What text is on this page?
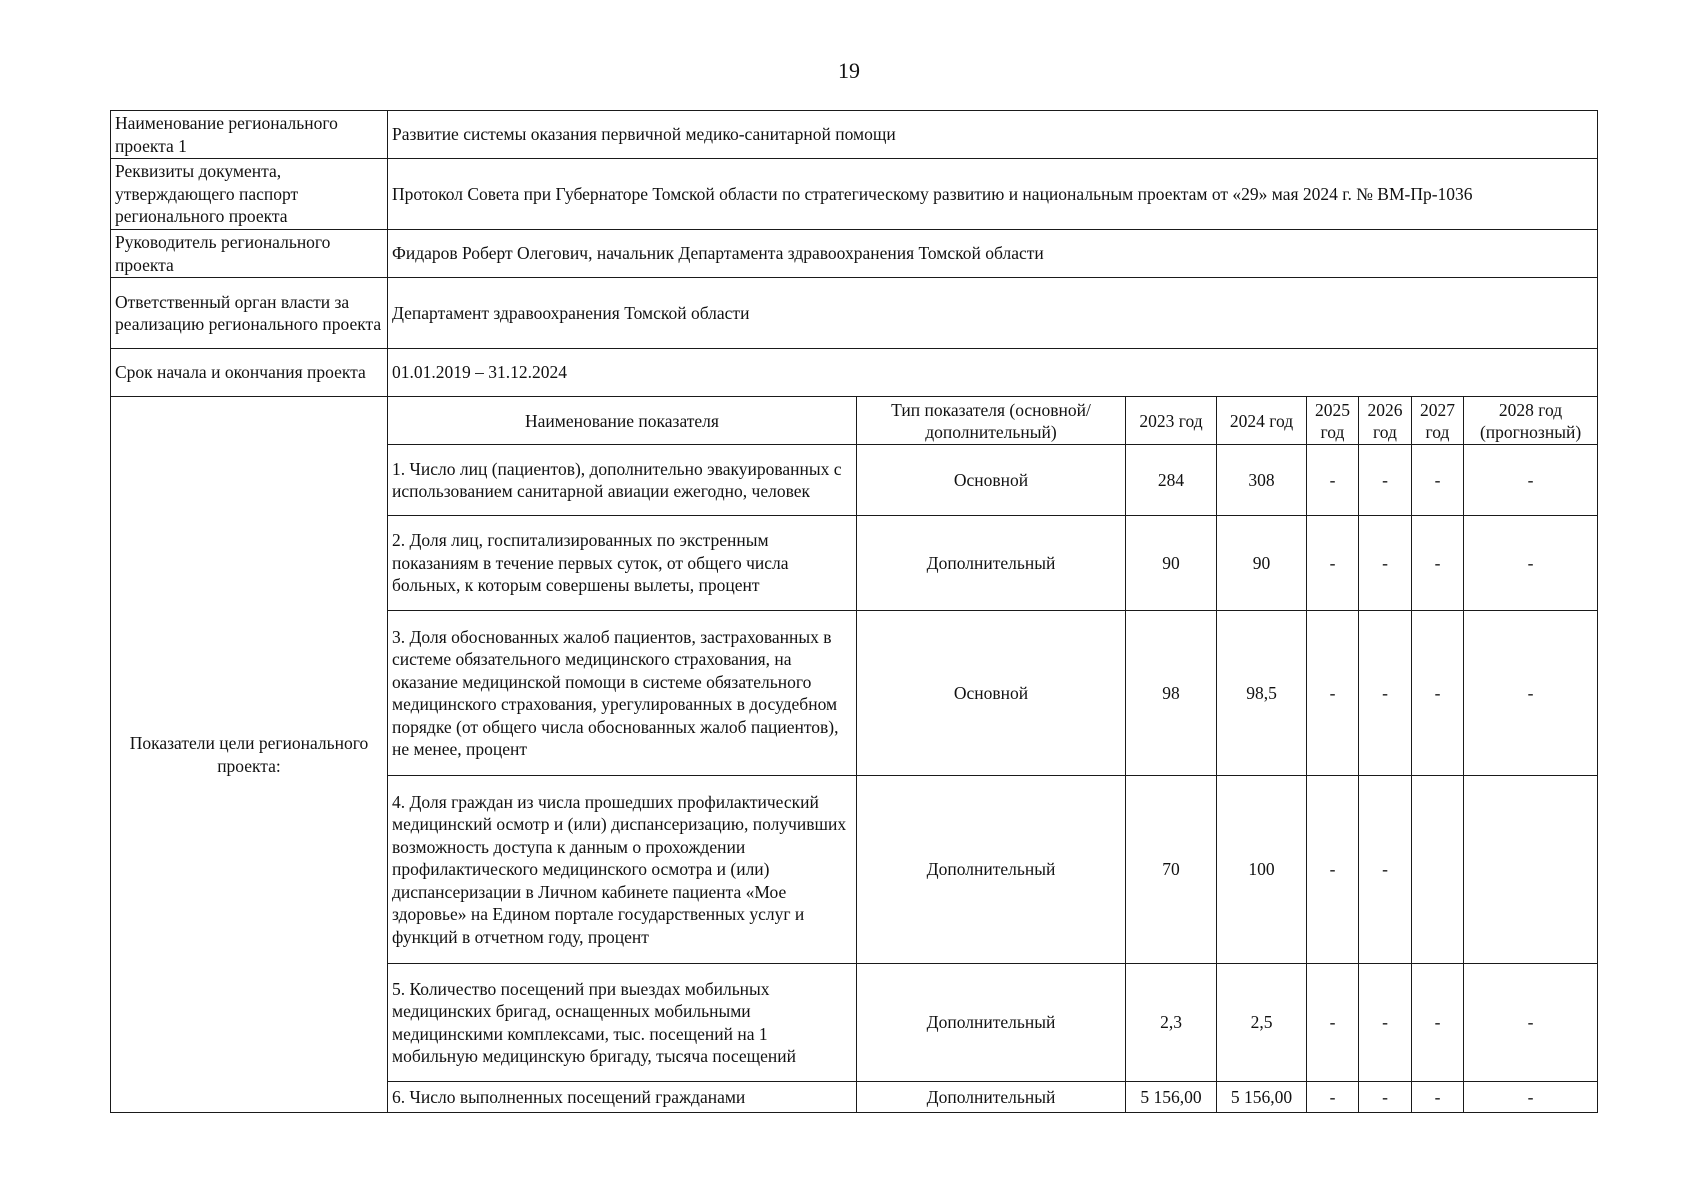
19
Наименование регионального проекта 1	Развитие системы оказания первичной медико-санитарной помощи							
Реквизиты документа, утверждающего паспорт регионального проекта	Протокол Совета при Губернаторе Томской области по стратегическому развитию и национальным проектам от «29» мая 2024 г. № ВМ-Пр-1036							
Руководитель регионального проекта	Фидаров Роберт Олегович, начальник Департамента здравоохранения Томской области							
Ответственный орган власти за реализацию регионального проекта	Департамент здравоохранения Томской области							
Срок начала и окончания проекта	01.01.2019 – 31.12.2024							
Показатели цели регионального проекта:	Наименование показателя	Тип показателя (основной/дополнительный)	2023 год	2024 год	2025 год	2026 год	2027 год	2028 год (прогнозный)
	1. Число лиц (пациентов), дополнительно эвакуированных с использованием санитарной авиации ежегодно, человек	Основной	284	308	-	-	-	-
	2. Доля лиц, госпитализированных по экстренным показаниям в течение первых суток, от общего числа больных, к которым совершены вылеты, процент	Дополнительный	90	90	-	-	-	-
	3. Доля обоснованных жалоб пациентов, застрахованных в системе обязательного медицинского страхования, на оказание медицинской помощи в системе обязательного медицинского страхования, урегулированных в досудебном порядке (от общего числа обоснованных жалоб пациентов), не менее, процент	Основной	98	98,5	-	-	-	-
	4. Доля граждан из числа прошедших профилактический медицинский осмотр и (или) диспансеризацию, получивших возможность доступа к данным о прохождении профилактического медицинского осмотра и (или) диспансеризации в Личном кабинете пациента «Мое здоровье» на Едином портале государственных услуг и функций в отчетном году, процент	Дополнительный	70	100	-	-		
	5. Количество посещений при выездах мобильных медицинских бригад, оснащенных мобильными медицинскими комплексами, тыс. посещений на 1 мобильную медицинскую бригаду, тысяча посещений	Дополнительный	2,3	2,5	-	-	-	-
	6. Число выполненных посещений гражданами	Дополнительный	5 156,00	5 156,00	-	-	-	-
